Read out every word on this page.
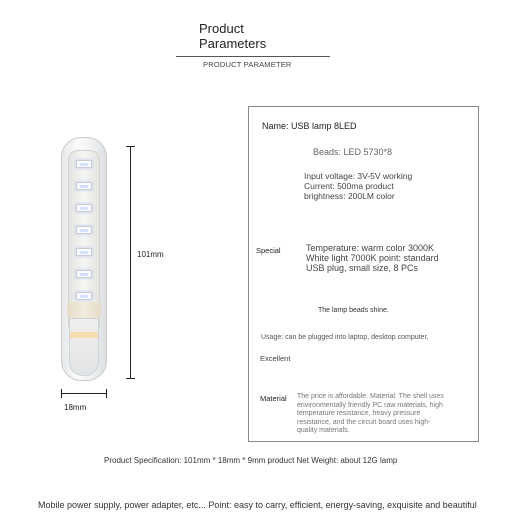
Product
Parameters
PRODUCT PARAMETER
101mm
18mm
Name: USB lamp 8LED
Beads: LED 5730*8
Input voltage: 3V-5V working
Current: 500ma product
brightness: 200LM color
Special	Temperature: warm color 3000K
White light 7000K point: standard
USB plug, small size, 8 PCs
The lamp beads shine.
Usage: can be plugged into laptop, desktop computer,
Excellent
Material The price is affordable. Material: The shell uses
environmentally friendly PC raw materials, high
temperature resistance, heavy pressure
resistance, and the circuit board uses high-
quality materials.
Product Specification: 101mm * 18mm * 9mm product Net Weight: about 12G lamp
Mobile power supply, power adapter, etc... Point: easy to carry, efficient, energy-saving, exquisite and beautiful
